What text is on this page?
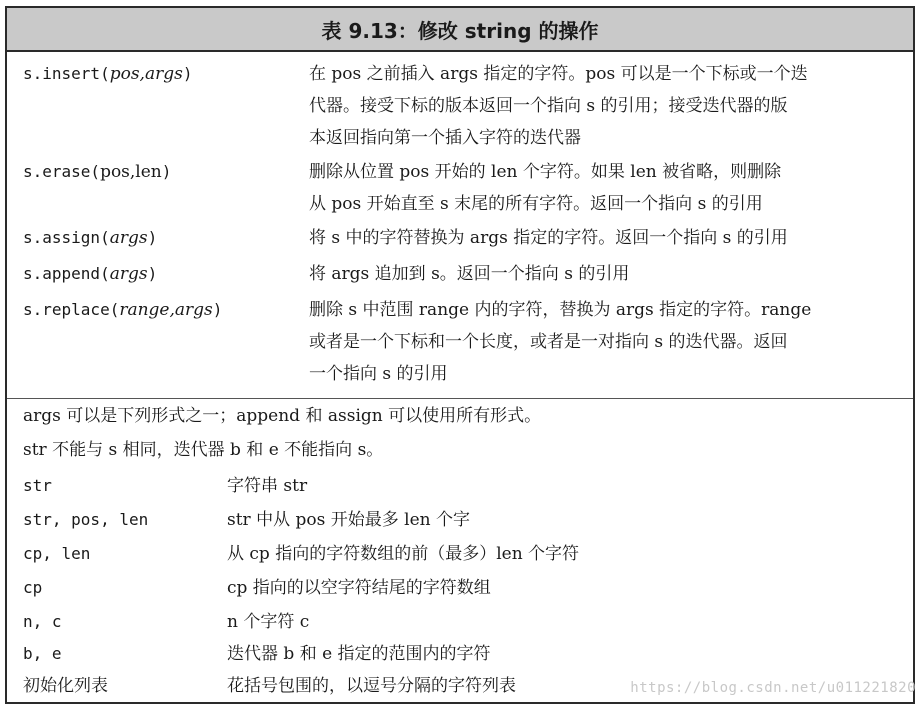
表 9.13：修改 string 的操作
s.insert(pos,args)	在 pos 之前插入 args 指定的字符。pos 可以是一个下标或一个迭
代器。接受下标的版本返回一个指向 s 的引用；接受迭代器的版
本返回指向第一个插入字符的迭代器
s.erase(pos,len)	删除从位置 pos 开始的 len 个字符。如果 len 被省略，则删除
从 pos 开始直至 s 末尾的所有字符。返回一个指向 s 的引用
s.assign(args)	将 s 中的字符替换为 args 指定的字符。返回一个指向 s 的引用
s.append(args)	将 args 追加到 s。返回一个指向 s 的引用
s.replace(range,args)	删除 s 中范围 range 内的字符，替换为 args 指定的字符。range
或者是一个下标和一个长度，或者是一对指向 s 的迭代器。返回
一个指向 s 的引用
args 可以是下列形式之一；append 和 assign 可以使用所有形式。
str 不能与 s 相同，迭代器 b 和 e 不能指向 s。
str	字符串 str
str, pos, len	str 中从 pos 开始最多 len 个字
cp, len	从 cp 指向的字符数组的前（最多）len 个字符
cp	cp 指向的以空字符结尾的字符数组
n, c	n 个字符 c
b, e	迭代器 b 和 e 指定的范围内的字符
初始化列表	花括号包围的，以逗号分隔的字符列表	https://blog.csdn.net/u011221820
